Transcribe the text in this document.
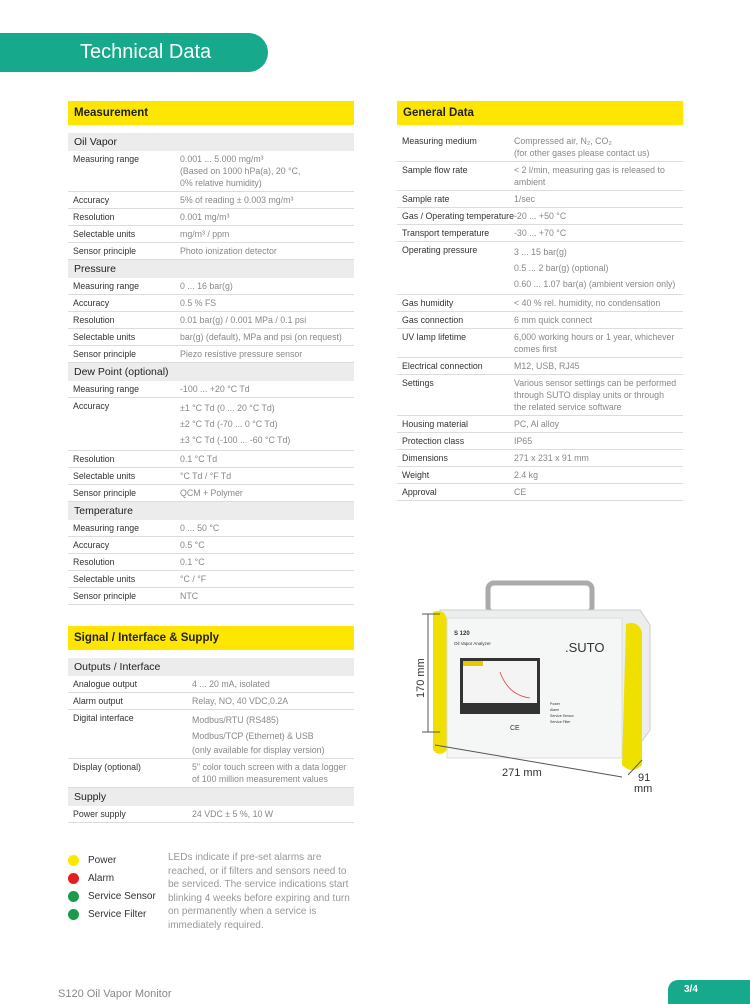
Technical Data
Measurement
Oil Vapor
Measuring range	0.001 ... 5.000 mg/m³
(Based on 1000 hPa(a), 20 °C,
0% relative humidity)
Accuracy	5% of reading ± 0.003 mg/m³
Resolution	0.001 mg/m³
Selectable units	mg/m³ / ppm
Sensor principle	Photo ionization detector
Pressure
Measuring range	0 ... 16 bar(g)
Accuracy	0.5 % FS
Resolution	0.01 bar(g) / 0.001 MPa / 0.1 psi
Selectable units	bar(g) (default), MPa and psi (on request)
Sensor principle	Piezo resistive pressure sensor
Dew Point (optional)
Measuring range	-100 ... +20 °C Td
Accuracy	±1 °C Td (0 ... 20 °C Td)
±2 °C Td (-70 ... 0 °C Td)
±3 °C Td (-100 ... -60 °C Td)
Resolution	0.1 °C Td
Selectable units	°C Td / °F Td
Sensor principle	QCM + Polymer
Temperature
Measuring range	0 ... 50 °C
Accuracy	0.5 °C
Resolution	0.1 °C
Selectable units	°C / °F
Sensor principle	NTC
Signal / Interface & Supply
Outputs / Interface
Analogue output	4 ... 20 mA, isolated
Alarm output	Relay, NO, 40 VDC,0.2A
Digital interface	Modbus/RTU (RS485)
Modbus/TCP (Ethernet) & USB
(only available for display version)
Display (optional)	5" color touch screen with a data logger
of 100 million measurement values
Supply
Power supply	24 VDC ± 5 %, 10 W
General Data
Measuring medium	Compressed air, N₂, CO₂
(for other gases please contact us)
Sample flow rate	< 2 l/min, measuring gas is released to
ambient
Sample rate	1/sec
Gas / Operating temperature -20 ... +50 °C
Transport temperature	-30 ... +70 °C
Operating pressure	3 ... 15 bar(g)
0.5 ... 2 bar(g) (optional)
0.60 ... 1.07 bar(a) (ambient version only)
Gas humidity	< 40 % rel. humidity, no condensation
Gas connection	6 mm quick connect
UV lamp lifetime	6,000 working hours or 1 year, whichever
comes first
Electrical connection	M12, USB, RJ45
Settings	Various sensor settings can be performed
through SUTO display units or through
the related service software
Housing material	PC, Al alloy
Protection class	IP65
Dimensions	271 x 231 x 91 mm
Weight	2.4 kg
Approval	CE
Power
Alarm
Service Sensor
Service Filter
LEDs indicate if pre-set alarms are reached, or if filters and sensors need to be serviced. The service indications start blinking 4 weeks before expiring and turn on permanently when a service is immediately required.
S 120
Oil Vapor Analyzer	.SUTO
Power
Alarm
Service Sensor
Service Filter
CE
170 mm
271 mm	91
mm
S120 Oil Vapor Monitor	3/4
